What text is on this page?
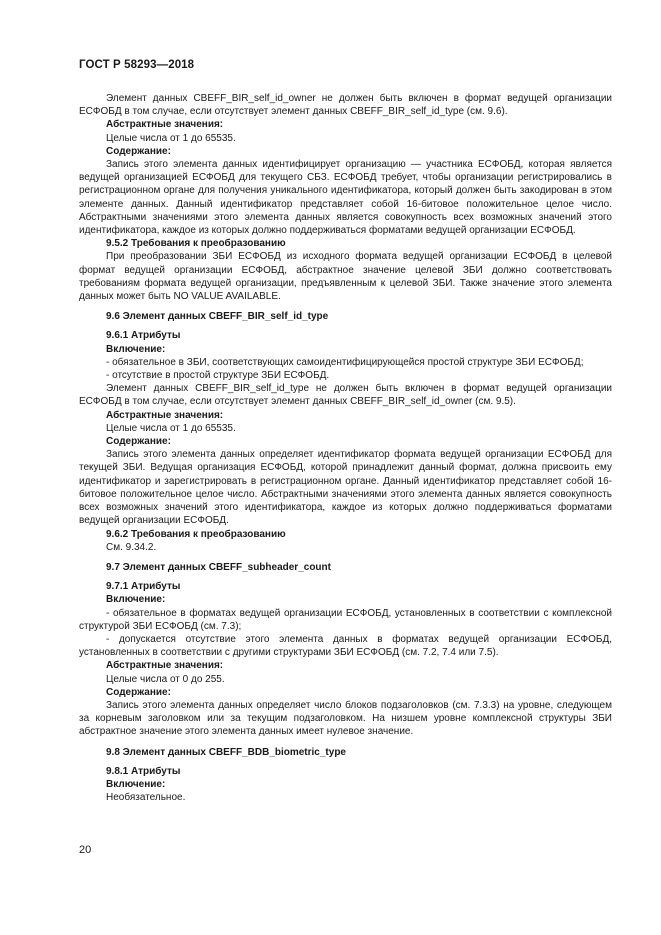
ГОСТ Р 58293—2018

Элемент данных CBEFF_BIR_self_id_owner не должен быть включен в формат ведущей организации ЕСФОБД в том случае, если отсутствует элемент данных CBEFF_BIR_self_id_type (см. 9.6).

Абстрактные значения:

Целые числа от 1 до 65535.

Содержание:

Запись этого элемента данных идентифицирует организацию — участника ЕСФОБД, которая является ведущей организацией ЕСФОБД для текущего СБЗ. ЕСФОБД требует, чтобы организации регистрировались в регистрационном органе для получения уникального идентификатора, который должен быть закодирован в этом элементе данных. Данный идентификатор представляет собой 16-битовое положительное целое число. Абстрактными значениями этого элемента данных является совокупность всех возможных значений этого идентификатора, каждое из которых должно поддерживаться форматами ведущей организации ЕСФОБД.

9.5.2 Требования к преобразованию

При преобразовании ЗБИ ЕСФОБД из исходного формата ведущей организации ЕСФОБД в целевой формат ведущей организации ЕСФОБД, абстрактное значение целевой ЗБИ должно соответствовать требованиям формата ведущей организации, предъявленным к целевой ЗБИ. Также значение этого элемента данных может быть NO VALUE AVAILABLE.

9.6 Элемент данных CBEFF_BIR_self_id_type

9.6.1 Атрибуты

Включение:

- обязательное в ЗБИ, соответствующих самоидентифицирующейся простой структуре ЗБИ ЕСФОБД;

- отсутствие в простой структуре ЗБИ ЕСФОБД.

Элемент данных CBEFF_BIR_self_id_type не должен быть включен в формат ведущей организации ЕСФОБД в том случае, если отсутствует элемент данных CBEFF_BIR_self_id_owner (см. 9.5).

Абстрактные значения:

Целые числа от 1 до 65535.

Содержание:

Запись этого элемента данных определяет идентификатор формата ведущей организации ЕСФОБД для текущей ЗБИ. Ведущая организация ЕСФОБД, которой принадлежит данный формат, должна присвоить ему идентификатор и зарегистрировать в регистрационном органе. Данный идентификатор представляет собой 16-битовое положительное целое число. Абстрактными значениями этого элемента данных является совокупность всех возможных значений этого идентификатора, каждое из которых должно поддерживаться форматами ведущей организации ЕСФОБД.

9.6.2 Требования к преобразованию

См. 9.34.2.

9.7 Элемент данных CBEFF_subheader_count

9.7.1 Атрибуты

Включение:

- обязательное в форматах ведущей организации ЕСФОБД, установленных в соответствии с комплексной структурой ЗБИ ЕСФОБД (см. 7.3);

- допускается отсутствие этого элемента данных в форматах ведущей организации ЕСФОБД, установленных в соответствии с другими структурами ЗБИ ЕСФОБД (см. 7.2, 7.4 или 7.5).

Абстрактные значения:

Целые числа от 0 до 255.

Содержание:

Запись этого элемента данных определяет число блоков подзаголовков (см. 7.3.3) на уровне, следующем за корневым заголовком или за текущим подзаголовком. На низшем уровне комплексной структуры ЗБИ абстрактное значение этого элемента данных имеет нулевое значение.

9.8 Элемент данных CBEFF_BDB_biometric_type

9.8.1 Атрибуты

Включение:

Необязательное.

20
